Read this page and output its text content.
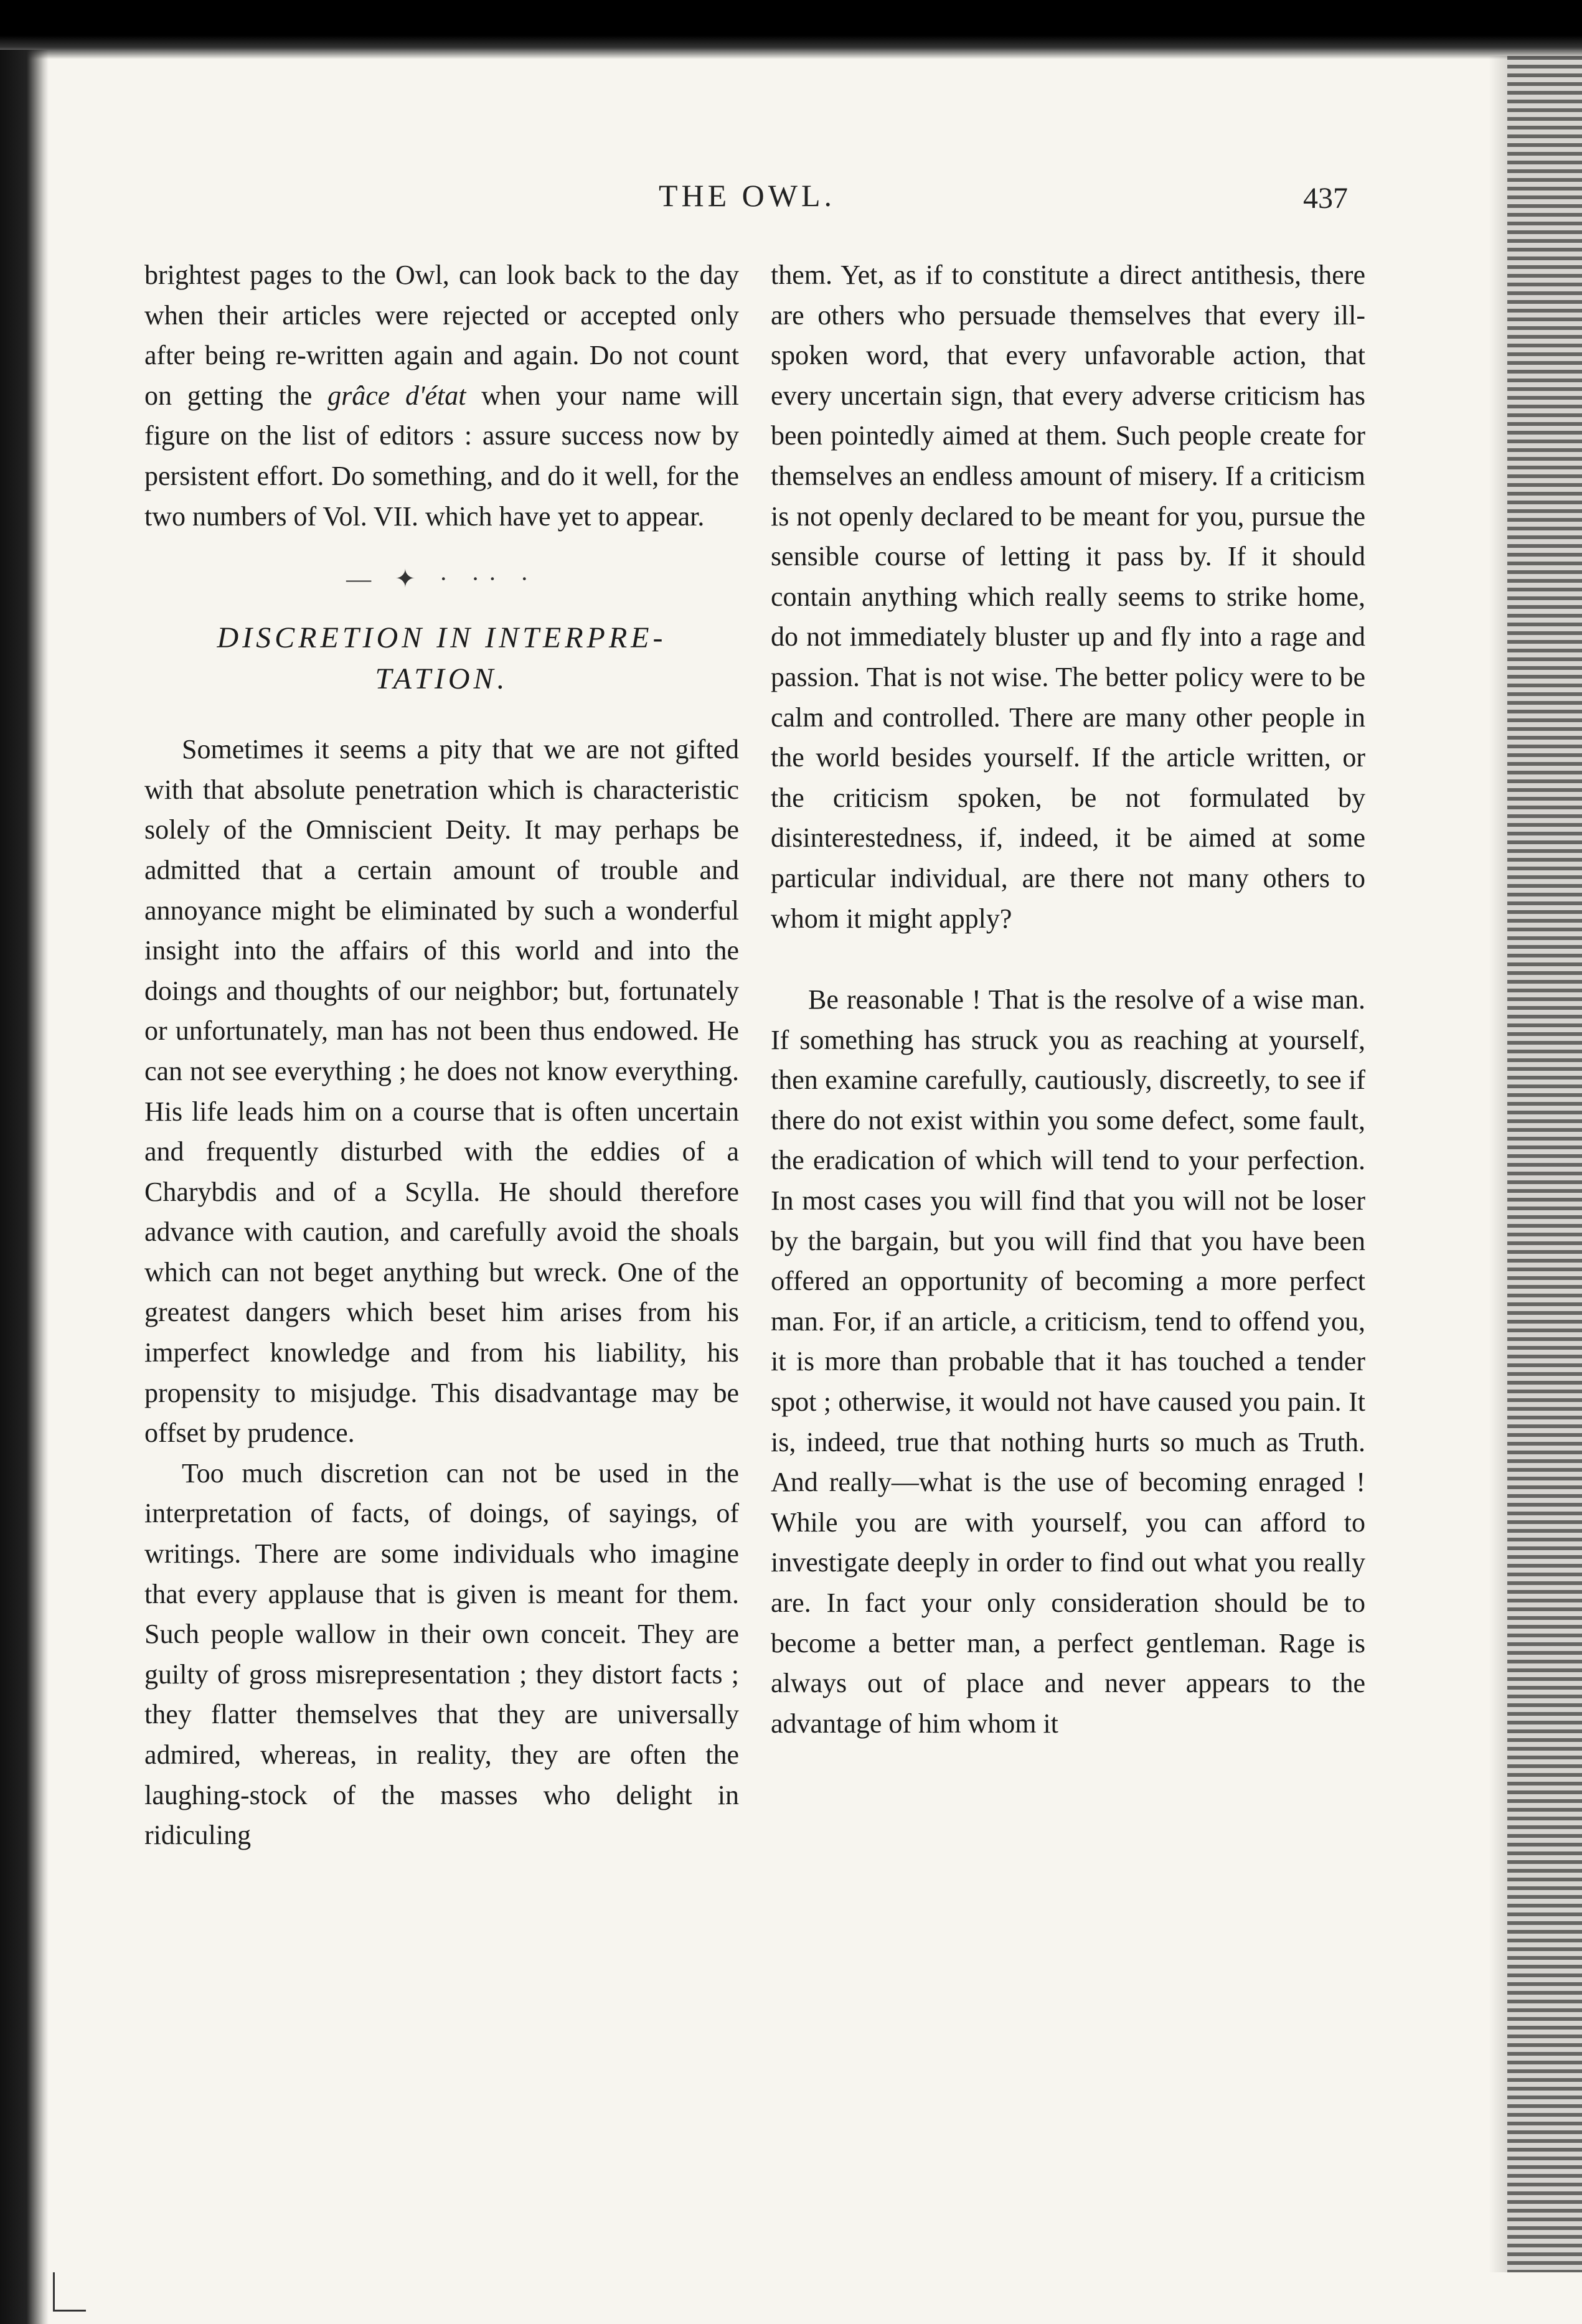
THE OWL.	437

brightest pages to the Owl, can look back to the day when their articles were rejected or accepted only after being re-written again and again. Do not count on getting the grâce d'état when your name will figure on the list of editors : assure success now by persistent effort. Do something, and do it well, for the two numbers of Vol. VII. which have yet to appear.

— ✦ · ·· ·
DISCRETION IN INTERPRE-
TATION.

Sometimes it seems a pity that we are not gifted with that absolute penetration which is characteristic solely of the Omniscient Deity. It may perhaps be admitted that a certain amount of trouble and annoyance might be eliminated by such a wonderful insight into the affairs of this world and into the doings and thoughts of our neighbor; but, fortunately or unfortunately, man has not been thus endowed. He can not see everything ; he does not know everything. His life leads him on a course that is often uncertain and frequently disturbed with the eddies of a Charybdis and of a Scylla. He should therefore advance with caution, and carefully avoid the shoals which can not beget anything but wreck. One of the greatest dangers which beset him arises from his imperfect knowledge and from his liability, his propensity to misjudge. This disadvantage may be offset by prudence.

Too much discretion can not be used in the interpretation of facts, of doings, of sayings, of writings. There are some individuals who imagine that every applause that is given is meant for them. Such people wallow in their own conceit. They are guilty of gross misrepresentation ; they distort facts ; they flatter themselves that they are universally admired, whereas, in reality, they are often the laughing-stock of the masses who delight in ridiculing

them. Yet, as if to constitute a direct antithesis, there are others who persuade themselves that every ill-spoken word, that every unfavorable action, that every uncertain sign, that every adverse criticism has been pointedly aimed at them. Such people create for themselves an endless amount of misery. If a criticism is not openly declared to be meant for you, pursue the sensible course of letting it pass by. If it should contain anything which really seems to strike home, do not immediately bluster up and fly into a rage and passion. That is not wise. The better policy were to be calm and controlled. There are many other people in the world besides yourself. If the article written, or the criticism spoken, be not formulated by disinterestedness, if, indeed, it be aimed at some particular individual, are there not many others to whom it might apply?

Be reasonable ! That is the resolve of a wise man. If something has struck you as reaching at yourself, then examine carefully, cautiously, discreetly, to see if there do not exist within you some defect, some fault, the eradication of which will tend to your perfection. In most cases you will find that you will not be loser by the bargain, but you will find that you have been offered an opportunity of becoming a more perfect man. For, if an article, a criticism, tend to offend you, it is more than probable that it has touched a tender spot ; otherwise, it would not have caused you pain. It is, indeed, true that nothing hurts so much as Truth. And really—what is the use of becoming enraged ! While you are with yourself, you can afford to investigate deeply in order to find out what you really are. In fact your only consideration should be to become a better man, a perfect gentleman. Rage is always out of place and never appears to the advantage of him whom it
